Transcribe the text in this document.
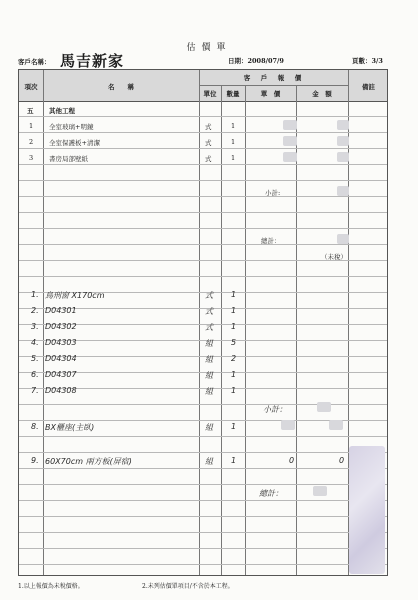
估價單
客戶名稱： 馬吉新家	日期：2008/07/9	頁數：3/3
項次	名　　稱
客　戶　報　價
單位	數量	單　價	金　額
備註
五 其他工程
1 全室玻璃+明鏡	式	1
2 全室保護板+清潔	式	1
3 書房局部壁紙	式	1
小計:
總計：
（未稅）
1. 鳥刑窗 X170cm	式 1
2. D04301	式 1
3. D04302	式 1
4. D04303	組 5
5. D04304	組 2
6. D04307	組 1
7. D04308	組 1
小計：
8. BX櫃座(主臥)	組 1
9. 60X70cm 兩方板(屏宿)	組 1	0	0
總計：
1.以上報價為未稅價格。	2.未列估價單項目/不含於本工程。
